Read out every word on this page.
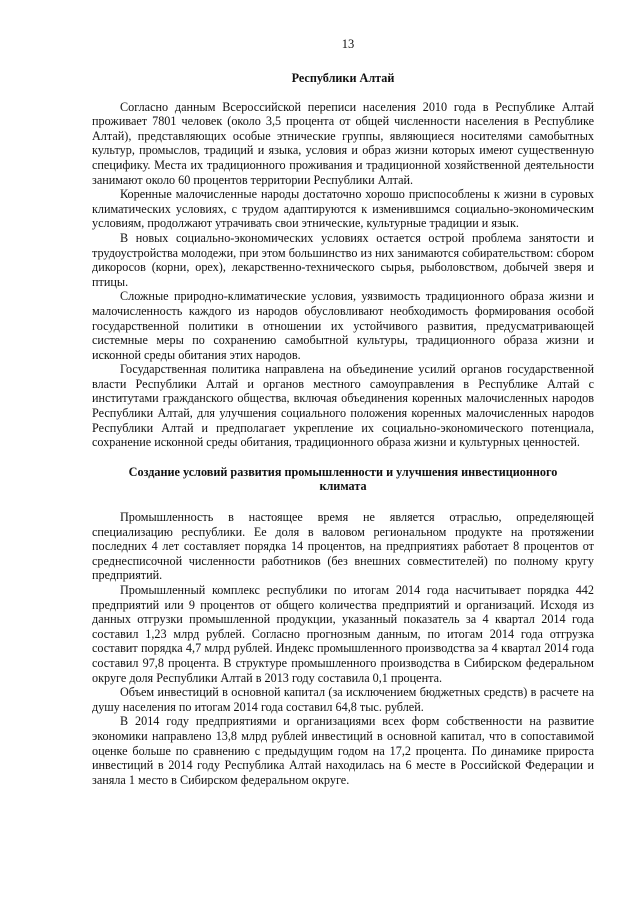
13
Республики Алтай

Согласно данным Всероссийской переписи населения 2010 года в Республике Алтай проживает 7801 человек (около 3,5 процента от общей численности населения в Республике Алтай), представляющих особые этнические группы, являющиеся носителями самобытных культур, промыслов, традиций и языка, условия и образ жизни которых имеют существенную специфику. Места их традиционного проживания и традиционной хозяйственной деятельности занимают около 60 процентов территории Республики Алтай.

Коренные малочисленные народы достаточно хорошо приспособлены к жизни в суровых климатических условиях, с трудом адаптируются к изменившимся социально-экономическим условиям, продолжают утрачивать свои этнические, культурные традиции и язык.

В новых социально-экономических условиях остается острой проблема занятости и трудоустройства молодежи, при этом большинство из них занимаются собирательством: сбором дикоросов (корни, орех), лекарственно-технического сырья, рыболовством, добычей зверя и птицы.

Сложные природно-климатические условия, уязвимость традиционного образа жизни и малочисленность каждого из народов обусловливают необходимость формирования особой государственной политики в отношении их устойчивого развития, предусматривающей системные меры по сохранению самобытной культуры, традиционного образа жизни и исконной среды обитания этих народов.

Государственная политика направлена на объединение усилий органов государственной власти Республики Алтай и органов местного самоуправления в Республике Алтай с институтами гражданского общества, включая объединения коренных малочисленных народов Республики Алтай, для улучшения социального положения коренных малочисленных народов Республики Алтай и предполагает укрепление их социально-экономического потенциала, сохранение исконной среды обитания, традиционного образа жизни и культурных ценностей.

Создание условий развития промышленности и улучшения инвестиционного климата

Промышленность в настоящее время не является отраслью, определяющей специализацию республики. Ее доля в валовом региональном продукте на протяжении последних 4 лет составляет порядка 14 процентов, на предприятиях работает 8 процентов от среднесписочной численности работников (без внешних совместителей) по полному кругу предприятий.

Промышленный комплекс республики по итогам 2014 года насчитывает порядка 442 предприятий или 9 процентов от общего количества предприятий и организаций. Исходя из данных отгрузки промышленной продукции, указанный показатель за 4 квартал 2014 года составил 1,23 млрд рублей. Согласно прогнозным данным, по итогам 2014 года отгрузка составит порядка 4,7 млрд рублей. Индекс промышленного производства за 4 квартал 2014 года составил 97,8 процента. В структуре промышленного производства в Сибирском федеральном округе доля Республики Алтай в 2013 году составила 0,1 процента.

Объем инвестиций в основной капитал (за исключением бюджетных средств) в расчете на душу населения по итогам 2014 года составил 64,8 тыс. рублей.

В 2014 году предприятиями и организациями всех форм собственности на развитие экономики направлено 13,8 млрд рублей инвестиций в основной капитал, что в сопоставимой оценке больше по сравнению с предыдущим годом на 17,2 процента. По динамике прироста инвестиций в 2014 году Республика Алтай находилась на 6 месте в Российской Федерации и заняла 1 место в Сибирском федеральном округе.
